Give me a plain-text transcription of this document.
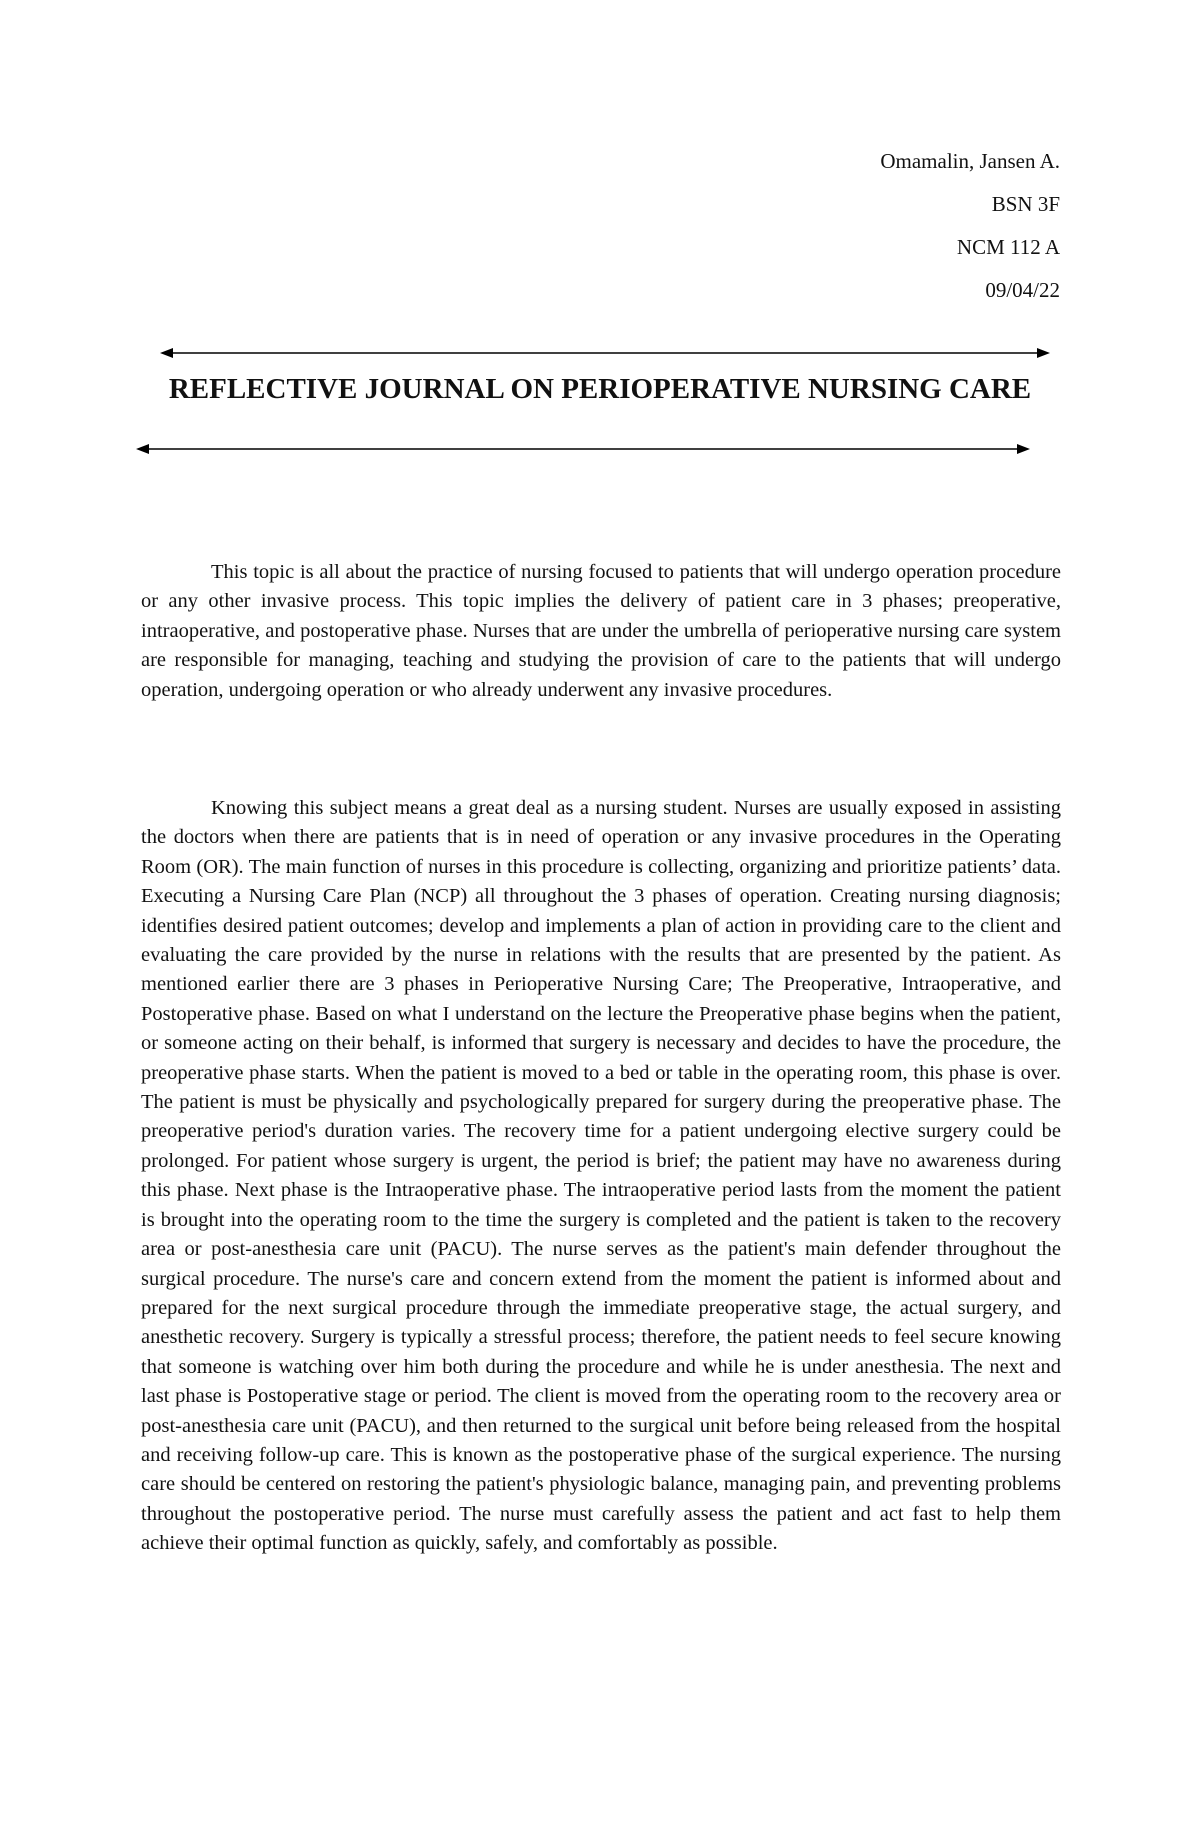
Omamalin, Jansen A.
BSN 3F
NCM 112 A
09/04/22
REFLECTIVE JOURNAL ON PERIOPERATIVE NURSING CARE

This topic is all about the practice of nursing focused to patients that will undergo operation procedure or any other invasive process. This topic implies the delivery of patient care in 3 phases; preoperative, intraoperative, and postoperative phase. Nurses that are under the umbrella of perioperative nursing care system are responsible for managing, teaching and studying the provision of care to the patients that will undergo operation, undergoing operation or who already underwent any invasive procedures.

Knowing this subject means a great deal as a nursing student. Nurses are usually exposed in assisting the doctors when there are patients that is in need of operation or any invasive procedures in the Operating Room (OR). The main function of nurses in this procedure is collecting, organizing and prioritize patients’ data. Executing a Nursing Care Plan (NCP) all throughout the 3 phases of operation. Creating nursing diagnosis; identifies desired patient outcomes; develop and implements a plan of action in providing care to the client and evaluating the care provided by the nurse in relations with the results that are presented by the patient. As mentioned earlier there are 3 phases in Perioperative Nursing Care; The Preoperative, Intraoperative, and Postoperative phase. Based on what I understand on the lecture the Preoperative phase begins when the patient, or someone acting on their behalf, is informed that surgery is necessary and decides to have the procedure, the preoperative phase starts. When the patient is moved to a bed or table in the operating room, this phase is over. The patient is must be physically and psychologically prepared for surgery during the preoperative phase. The preoperative period's duration varies. The recovery time for a patient undergoing elective surgery could be prolonged. For patient whose surgery is urgent, the period is brief; the patient may have no awareness during this phase. Next phase is the Intraoperative phase. The intraoperative period lasts from the moment the patient is brought into the operating room to the time the surgery is completed and the patient is taken to the recovery area or post-anesthesia care unit (PACU). The nurse serves as the patient's main defender throughout the surgical procedure. The nurse's care and concern extend from the moment the patient is informed about and prepared for the next surgical procedure through the immediate preoperative stage, the actual surgery, and anesthetic recovery. Surgery is typically a stressful process; therefore, the patient needs to feel secure knowing that someone is watching over him both during the procedure and while he is under anesthesia. The next and last phase is Postoperative stage or period. The client is moved from the operating room to the recovery area or post-anesthesia care unit (PACU), and then returned to the surgical unit before being released from the hospital and receiving follow-up care. This is known as the postoperative phase of the surgical experience. The nursing care should be centered on restoring the patient's physiologic balance, managing pain, and preventing problems throughout the postoperative period. The nurse must carefully assess the patient and act fast to help them achieve their optimal function as quickly, safely, and comfortably as possible.
